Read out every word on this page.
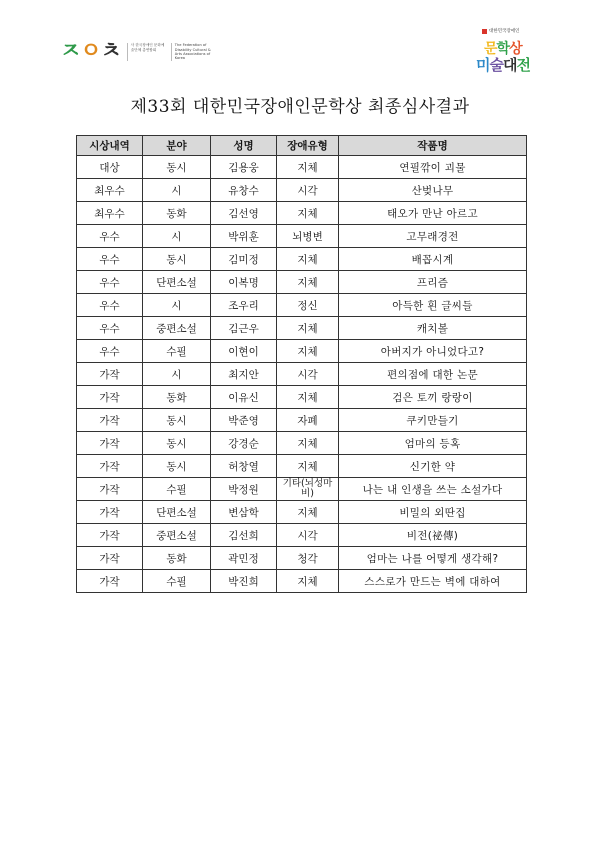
ㅈㅇㅊ	사 한국장애인 문화예술단체 총연합회
The Federation of Disability Cultural & Arts Associations of Korea
대한민국장애인
문학상
미술대전
제33회 대한민국장애인문학상 최종심사결과
시상내역	분야	성명	장애유형	작품명
대상	동시	김용웅	지체	연필깎이 괴물
최우수	시	유창수	시각	산벚나무
최우수	동화	김선영	지체	태오가 만난 아르고
우수	시	박위훈	뇌병변	고무래경전
우수	동시	김미정	지체	배꼽시계
우수	단편소설	이복명	지체	프리즘
우수	시	조우리	정신	아득한 흰 글씨들
우수	중편소설	김근우	지체	캐치볼
우수	수필	이현이	지체	아버지가 아니었다고?
가작	시	최지안	시각	편의점에 대한 논문
가작	동화	이유신	지체	검은 토끼 랑랑이
가작	동시	박준영	자폐	쿠키만들기
가작	동시	강경순	지체	엄마의 등혹
가작	동시	허창열	지체	신기한 약
가작	수필	박정원	기타(뇌성마비)	나는 내 인생을 쓰는 소설가다
가작	단편소설	변삼학	지체	비밀의 외딴집
가작	중편소설	김선희	시각	비전(祕傳)
가작	동화	곽민정	청각	엄마는 나를 어떻게 생각해?
가작	수필	박진희	지체	스스로가 만드는 벽에 대하여
